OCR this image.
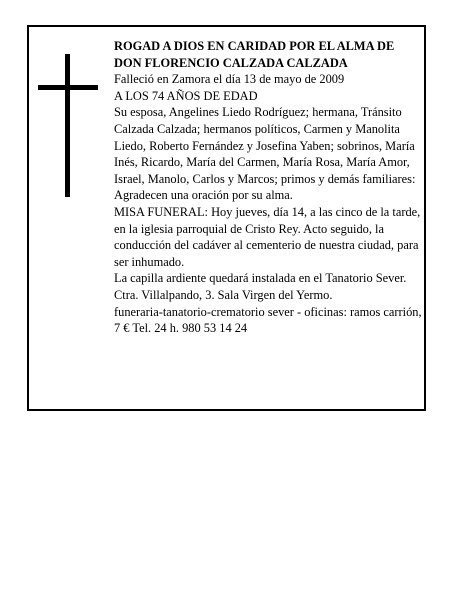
ROGAD A DIOS EN CARIDAD POR EL ALMA DE DON FLORENCIO CALZADA CALZADA

Falleció en Zamora el día 13 de mayo de 2009

A LOS 74 AÑOS DE EDAD

Su esposa, Angelines Liedo Rodríguez; hermana, Tránsito Calzada Calzada; hermanos políticos, Carmen y Manolita Liedo, Roberto Fernández y Josefina Yaben; sobrinos, María Inés, Ricardo, María del Carmen, María Rosa, María Amor, Israel, Manolo, Carlos y Marcos; primos y demás familiares:

Agradecen una oración por su alma.

MISA FUNERAL: Hoy jueves, día 14, a las cinco de la tarde, en la iglesia parroquial de Cristo Rey. Acto seguido, la conducción del cadáver al cementerio de nuestra ciudad, para ser inhumado.

La capilla ardiente quedará instalada en el Tanatorio Sever. Ctra. Villalpando, 3. Sala Virgen del Yermo.

funeraria-tanatorio-crematorio sever - oficinas: ramos carrión, 7 € Tel. 24 h. 980 53 14 24
